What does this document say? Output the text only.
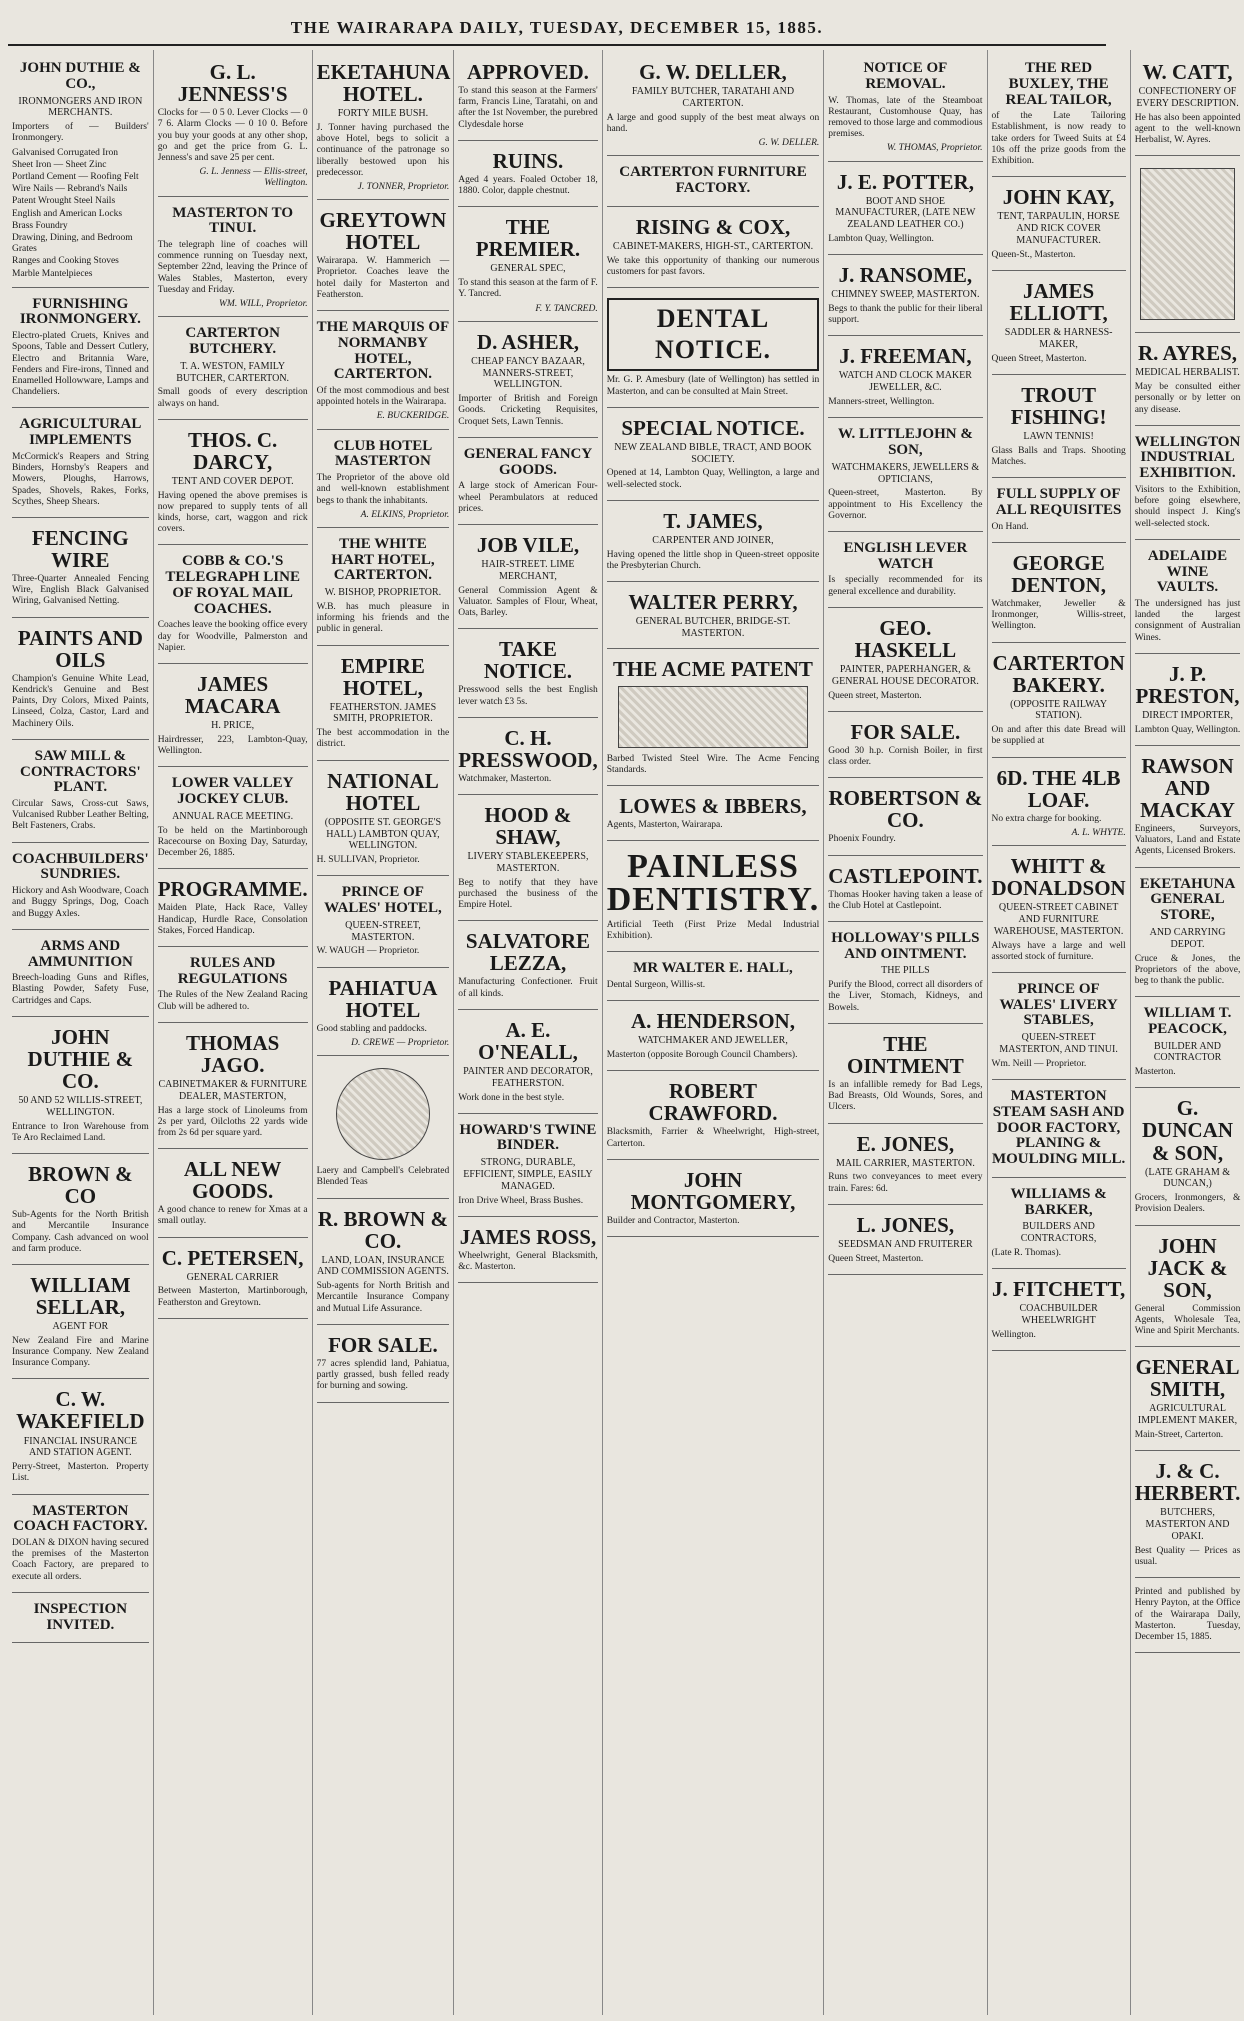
THE WAIRARAPA DAILY, TUESDAY, DECEMBER 15, 1885.
JOHN DUTHIE & CO.,
IRONMONGERS AND IRON MERCHANTS.
Importers of — Builders' Ironmongery.
Galvanised Corrugated Iron
Sheet Iron — Sheet Zinc
Portland Cement — Roofing Felt
Wire Nails — Rebrand's Nails
Patent Wrought Steel Nails
English and American Locks
Brass Foundry
Drawing, Dining, and Bedroom Grates
Ranges and Cooking Stoves
Marble Mantelpieces
FURNISHING IRONMONGERY.
Electro-plated Cruets, Knives and Spoons, Table and Dessert Cutlery, Electro and Britannia Ware, Fenders and Fire-irons, Tinned and Enamelled Hollowware, Lamps and Chandeliers.
AGRICULTURAL IMPLEMENTS
McCormick's Reapers and String Binders, Hornsby's Reapers and Mowers, Ploughs, Harrows, Spades, Shovels, Rakes, Forks, Scythes, Sheep Shears.
FENCING WIRE
Three-Quarter Annealed Fencing Wire, English Black Galvanised Wiring, Galvanised Netting.
PAINTS AND OILS
Champion's Genuine White Lead, Kendrick's Genuine and Best Paints, Dry Colors, Mixed Paints, Linseed, Colza, Castor, Lard and Machinery Oils.
SAW MILL & CONTRACTORS' PLANT.
Circular Saws, Cross-cut Saws, Vulcanised Rubber Leather Belting, Belt Fasteners, Crabs.
COACHBUILDERS' SUNDRIES.
Hickory and Ash Woodware, Coach and Buggy Springs, Dog, Coach and Buggy Axles.
ARMS AND AMMUNITION
Breech-loading Guns and Rifles, Blasting Powder, Safety Fuse, Cartridges and Caps.
JOHN DUTHIE & CO.
50 AND 52 WILLIS-STREET, WELLINGTON.
Entrance to Iron Warehouse from Te Aro Reclaimed Land.
BROWN & CO
Sub-Agents for the North British and Mercantile Insurance Company. Cash advanced on wool and farm produce.
WILLIAM SELLAR,
AGENT FOR
New Zealand Fire and Marine Insurance Company. New Zealand Insurance Company.
C. W. WAKEFIELD
FINANCIAL INSURANCE AND STATION AGENT.
Perry-Street, Masterton. Property List.
MASTERTON COACH FACTORY.
DOLAN & DIXON having secured the premises of the Masterton Coach Factory, are prepared to execute all orders.
INSPECTION INVITED.
G. L. JENNESS'S
Clocks for — 0 5 0. Lever Clocks — 0 7 6. Alarm Clocks — 0 10 0. Before you buy your goods at any other shop, go and get the price from G. L. Jenness's and save 25 per cent.
G. L. Jenness — Ellis-street, Wellington.
MASTERTON TO TINUI.
The telegraph line of coaches will commence running on Tuesday next, September 22nd, leaving the Prince of Wales Stables, Masterton, every Tuesday and Friday.
WM. WILL, Proprietor.
CARTERTON BUTCHERY.
T. A. WESTON, FAMILY BUTCHER, CARTERTON.
Small goods of every description always on hand.
THOS. C. DARCY,
TENT AND COVER DEPOT.
Having opened the above premises is now prepared to supply tents of all kinds, horse, cart, waggon and rick covers.
COBB & CO.'S TELEGRAPH LINE OF ROYAL MAIL COACHES.
Coaches leave the booking office every day for Woodville, Palmerston and Napier.
JAMES MACARA
H. PRICE,
Hairdresser, 223, Lambton-Quay, Wellington.
LOWER VALLEY JOCKEY CLUB.
ANNUAL RACE MEETING.
To be held on the Martinborough Racecourse on Boxing Day, Saturday, December 26, 1885.
PROGRAMME.
Maiden Plate, Hack Race, Valley Handicap, Hurdle Race, Consolation Stakes, Forced Handicap.
RULES AND REGULATIONS
The Rules of the New Zealand Racing Club will be adhered to.
THOMAS JAGO.
CABINETMAKER & FURNITURE DEALER, MASTERTON,
Has a large stock of Linoleums from 2s per yard, Oilcloths 22 yards wide from 2s 6d per square yard.
ALL NEW GOODS.
A good chance to renew for Xmas at a small outlay.
C. PETERSEN,
GENERAL CARRIER
Between Masterton, Martinborough, Featherston and Greytown.
EKETAHUNA HOTEL.
FORTY MILE BUSH.
J. Tonner having purchased the above Hotel, begs to solicit a continuance of the patronage so liberally bestowed upon his predecessor.
J. TONNER, Proprietor.
GREYTOWN HOTEL
Wairarapa. W. Hammerich — Proprietor. Coaches leave the hotel daily for Masterton and Featherston.
THE MARQUIS OF NORMANBY HOTEL, CARTERTON.
Of the most commodious and best appointed hotels in the Wairarapa.
E. BUCKERIDGE.
CLUB HOTEL MASTERTON
The Proprietor of the above old and well-known establishment begs to thank the inhabitants.
A. ELKINS, Proprietor.
THE WHITE HART HOTEL, CARTERTON.
W. BISHOP, PROPRIETOR.
W.B. has much pleasure in informing his friends and the public in general.
EMPIRE HOTEL,
FEATHERSTON. JAMES SMITH, PROPRIETOR.
The best accommodation in the district.
NATIONAL HOTEL
(OPPOSITE ST. GEORGE'S HALL) LAMBTON QUAY, WELLINGTON.
H. SULLIVAN, Proprietor.
PRINCE OF WALES' HOTEL,
QUEEN-STREET, MASTERTON.
W. WAUGH — Proprietor.
PAHIATUA HOTEL
Good stabling and paddocks.
D. CREWE — Proprietor.
Laery and Campbell's Celebrated Blended Teas
R. BROWN & CO.
LAND, LOAN, INSURANCE AND COMMISSION AGENTS.
Sub-agents for North British and Mercantile Insurance Company and Mutual Life Assurance.
FOR SALE.
77 acres splendid land, Pahiatua, partly grassed, bush felled ready for burning and sowing.
APPROVED.
To stand this season at the Farmers' farm, Francis Line, Taratahi, on and after the 1st November, the purebred Clydesdale horse
RUINS.
Aged 4 years. Foaled October 18, 1880. Color, dapple chestnut.
THE PREMIER.
GENERAL SPEC,
To stand this season at the farm of F. Y. Tancred.
F. Y. TANCRED.
D. ASHER,
CHEAP FANCY BAZAAR, MANNERS-STREET, WELLINGTON.
Importer of British and Foreign Goods. Cricketing Requisites, Croquet Sets, Lawn Tennis.
GENERAL FANCY GOODS.
A large stock of American Four-wheel Perambulators at reduced prices.
JOB VILE,
HAIR-STREET. LIME MERCHANT,
General Commission Agent & Valuator. Samples of Flour, Wheat, Oats, Barley.
TAKE NOTICE.
Presswood sells the best English lever watch £3 5s.
C. H. PRESSWOOD,
Watchmaker, Masterton.
HOOD & SHAW,
LIVERY STABLEKEEPERS, MASTERTON.
Beg to notify that they have purchased the business of the Empire Hotel.
SALVATORE LEZZA,
Manufacturing Confectioner. Fruit of all kinds.
A. E. O'NEALL,
PAINTER AND DECORATOR, FEATHERSTON.
Work done in the best style.
HOWARD'S TWINE BINDER.
STRONG, DURABLE, EFFICIENT, SIMPLE, EASILY MANAGED.
Iron Drive Wheel, Brass Bushes.
JAMES ROSS,
Wheelwright, General Blacksmith, &c. Masterton.
G. W. DELLER,
FAMILY BUTCHER, TARATAHI AND CARTERTON.
A large and good supply of the best meat always on hand.
G. W. DELLER.
CARTERTON FURNITURE FACTORY.
RISING & COX,
CABINET-MAKERS, HIGH-ST., CARTERTON.
We take this opportunity of thanking our numerous customers for past favors.
DENTAL NOTICE.
Mr. G. P. Amesbury (late of Wellington) has settled in Masterton, and can be consulted at Main Street.
SPECIAL NOTICE.
NEW ZEALAND BIBLE, TRACT, AND BOOK SOCIETY.
Opened at 14, Lambton Quay, Wellington, a large and well-selected stock.
T. JAMES,
CARPENTER AND JOINER,
Having opened the little shop in Queen-street opposite the Presbyterian Church.
WALTER PERRY,
GENERAL BUTCHER, BRIDGE-ST. MASTERTON.
THE ACME PATENT
Barbed Twisted Steel Wire. The Acme Fencing Standards.
LOWES & IBBERS,
Agents, Masterton, Wairarapa.
PAINLESS DENTISTRY.
Artificial Teeth (First Prize Medal Industrial Exhibition).
MR WALTER E. HALL,
Dental Surgeon, Willis-st.
A. HENDERSON,
WATCHMAKER AND JEWELLER,
Masterton (opposite Borough Council Chambers).
ROBERT CRAWFORD.
Blacksmith, Farrier & Wheelwright, High-street, Carterton.
JOHN MONTGOMERY,
Builder and Contractor, Masterton.
NOTICE OF REMOVAL.
W. Thomas, late of the Steamboat Restaurant, Customhouse Quay, has removed to those large and commodious premises.
W. THOMAS, Proprietor.
J. E. POTTER,
BOOT AND SHOE MANUFACTURER, (LATE NEW ZEALAND LEATHER CO.)
Lambton Quay, Wellington.
J. RANSOME,
CHIMNEY SWEEP, MASTERTON.
Begs to thank the public for their liberal support.
J. FREEMAN,
WATCH AND CLOCK MAKER JEWELLER, &C.
Manners-street, Wellington.
W. LITTLEJOHN & SON,
WATCHMAKERS, JEWELLERS & OPTICIANS,
Queen-street, Masterton. By appointment to His Excellency the Governor.
ENGLISH LEVER WATCH
Is specially recommended for its general excellence and durability.
GEO. HASKELL
PAINTER, PAPERHANGER, & GENERAL HOUSE DECORATOR.
Queen street, Masterton.
FOR SALE.
Good 30 h.p. Cornish Boiler, in first class order.
ROBERTSON & CO.
Phoenix Foundry.
CASTLEPOINT.
Thomas Hooker having taken a lease of the Club Hotel at Castlepoint.
HOLLOWAY'S PILLS AND OINTMENT.
THE PILLS
Purify the Blood, correct all disorders of the Liver, Stomach, Kidneys, and Bowels.
THE OINTMENT
Is an infallible remedy for Bad Legs, Bad Breasts, Old Wounds, Sores, and Ulcers.
E. JONES,
MAIL CARRIER, MASTERTON.
Runs two conveyances to meet every train. Fares: 6d.
L. JONES,
SEEDSMAN AND FRUITERER
Queen Street, Masterton.
THE RED BUXLEY, THE REAL TAILOR,
of the Late Tailoring Establishment, is now ready to take orders for Tweed Suits at £4 10s off the prize goods from the Exhibition.
JOHN KAY,
TENT, TARPAULIN, HORSE AND RICK COVER MANUFACTURER.
Queen-St., Masterton.
JAMES ELLIOTT,
SADDLER & HARNESS-MAKER,
Queen Street, Masterton.
TROUT FISHING!
LAWN TENNIS!
Glass Balls and Traps. Shooting Matches.
FULL SUPPLY OF ALL REQUISITES
On Hand.
GEORGE DENTON,
Watchmaker, Jeweller & Ironmonger, Willis-street, Wellington.
CARTERTON BAKERY.
(OPPOSITE RAILWAY STATION).
On and after this date Bread will be supplied at
6D. THE 4LB LOAF.
No extra charge for booking.
A. L. WHYTE.
WHITT & DONALDSON
QUEEN-STREET CABINET AND FURNITURE WAREHOUSE, MASTERTON.
Always have a large and well assorted stock of furniture.
PRINCE OF WALES' LIVERY STABLES,
QUEEN-STREET MASTERTON, AND TINUI.
Wm. Neill — Proprietor.
MASTERTON STEAM SASH AND DOOR FACTORY, PLANING & MOULDING MILL.
WILLIAMS & BARKER,
BUILDERS AND CONTRACTORS,
(Late R. Thomas).
J. FITCHETT,
COACHBUILDER WHEELWRIGHT
Wellington.
W. CATT,
CONFECTIONERY OF EVERY DESCRIPTION.
He has also been appointed agent to the well-known Herbalist, W. Ayres.
R. AYRES,
MEDICAL HERBALIST.
May be consulted either personally or by letter on any disease.
WELLINGTON INDUSTRIAL EXHIBITION.
Visitors to the Exhibition, before going elsewhere, should inspect J. King's well-selected stock.
ADELAIDE WINE VAULTS.
The undersigned has just landed the largest consignment of Australian Wines.
J. P. PRESTON,
DIRECT IMPORTER,
Lambton Quay, Wellington.
RAWSON AND MACKAY
Engineers, Surveyors, Valuators, Land and Estate Agents, Licensed Brokers.
EKETAHUNA GENERAL STORE,
AND CARRYING DEPOT.
Cruce & Jones, the Proprietors of the above, beg to thank the public.
WILLIAM T. PEACOCK,
BUILDER AND CONTRACTOR
Masterton.
G. DUNCAN & SON,
(LATE GRAHAM & DUNCAN,)
Grocers, Ironmongers, & Provision Dealers.
JOHN JACK & SON,
General Commission Agents, Wholesale Tea, Wine and Spirit Merchants.
GENERAL SMITH,
AGRICULTURAL IMPLEMENT MAKER,
Main-Street, Carterton.
J. & C. HERBERT.
BUTCHERS, MASTERTON AND OPAKI.
Best Quality — Prices as usual.
Printed and published by Henry Payton, at the Office of the Wairarapa Daily, Masterton. Tuesday, December 15, 1885.
